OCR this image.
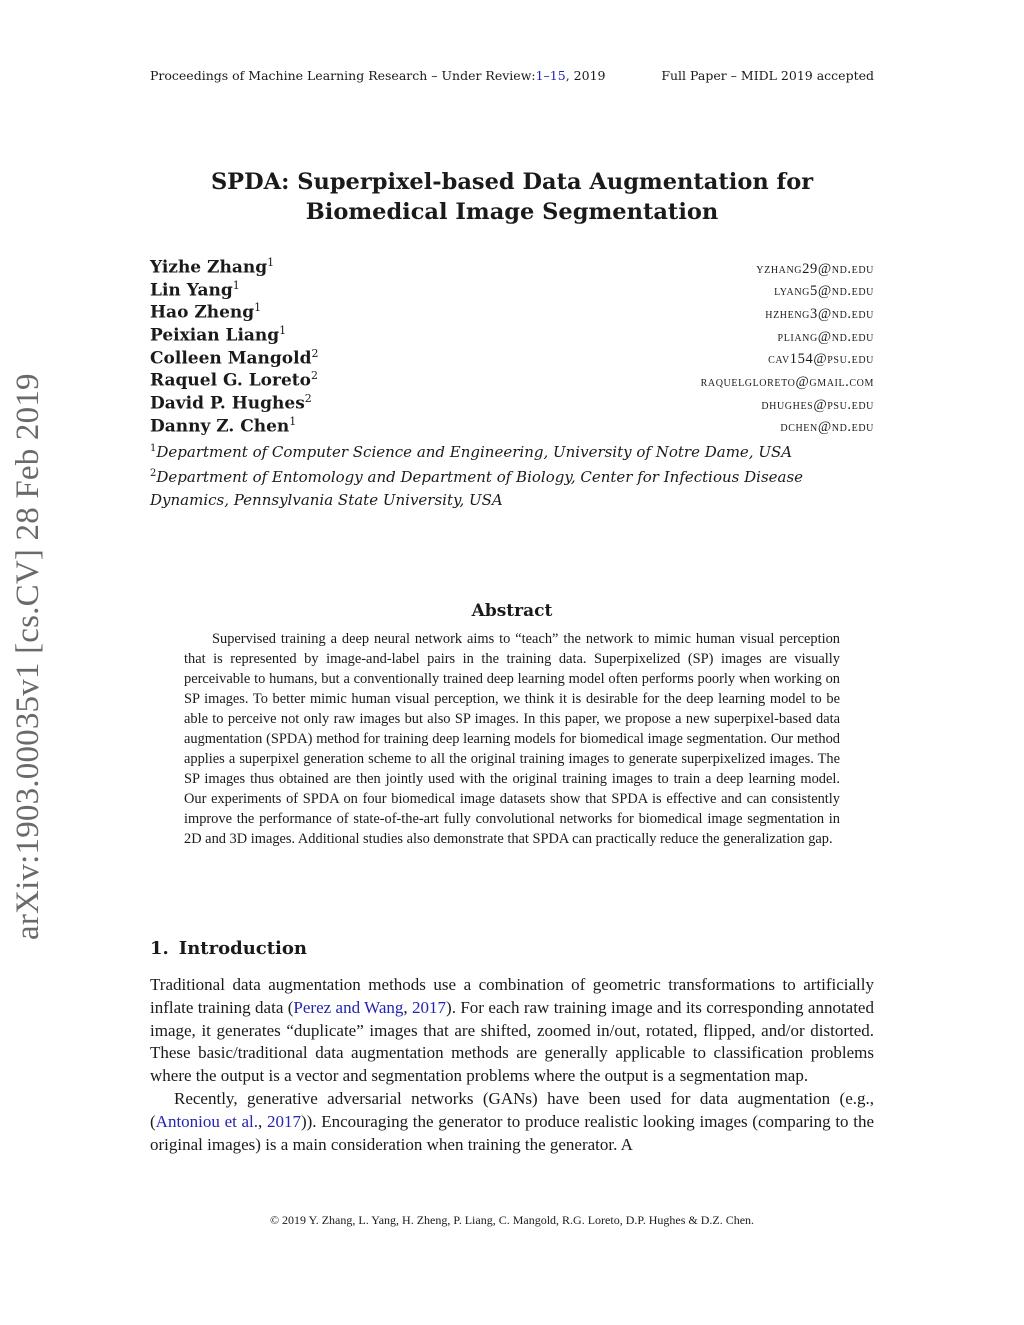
Proceedings of Machine Learning Research – Under Review:1–15, 2019	Full Paper – MIDL 2019 accepted
arXiv:1903.00035v1 [cs.CV] 28 Feb 2019
SPDA: Superpixel-based Data Augmentation for
Biomedical Image Segmentation
Yizhe Zhang$^1$	yzhang29@nd.edu
Lin Yang$^1$	lyang5@nd.edu
Hao Zheng$^1$	hzheng3@nd.edu
Peixian Liang$^1$	pliang@nd.edu
Colleen Mangold$^2$	cav154@psu.edu
Raquel G. Loreto$^2$	raquelgloreto@gmail.com
David P. Hughes$^2$	dhughes@psu.edu
Danny Z. Chen$^1$	dchen@nd.edu
$^1$Department of Computer Science and Engineering, University of Notre Dame, USA
$^2$Department of Entomology and Department of Biology, Center for Infectious Disease Dynamics, Pennsylvania State University, USA
Abstract

Supervised training a deep neural network aims to “teach” the network to mimic human visual perception that is represented by image-and-label pairs in the training data. Superpixelized (SP) images are visually perceivable to humans, but a conventionally trained deep learning model often performs poorly when working on SP images. To better mimic human visual perception, we think it is desirable for the deep learning model to be able to perceive not only raw images but also SP images. In this paper, we propose a new superpixel-based data augmentation (SPDA) method for training deep learning models for biomedical image segmentation. Our method applies a superpixel generation scheme to all the original training images to generate superpixelized images. The SP images thus obtained are then jointly used with the original training images to train a deep learning model. Our experiments of SPDA on four biomedical image datasets show that SPDA is effective and can consistently improve the performance of state-of-the-art fully convolutional networks for biomedical image segmentation in 2D and 3D images. Additional studies also demonstrate that SPDA can practically reduce the generalization gap.

1. Introduction

Traditional data augmentation methods use a combination of geometric transformations to artificially inflate training data (Perez and Wang, 2017). For each raw training image and its corresponding annotated image, it generates “duplicate” images that are shifted, zoomed in/out, rotated, flipped, and/or distorted. These basic/traditional data augmentation methods are generally applicable to classification problems where the output is a vector and segmentation problems where the output is a segmentation map.

Recently, generative adversarial networks (GANs) have been used for data augmentation (e.g., (Antoniou et al., 2017)). Encouraging the generator to produce realistic looking images (comparing to the original images) is a main consideration when training the generator. A

© 2019 Y. Zhang, L. Yang, H. Zheng, P. Liang, C. Mangold, R.G. Loreto, D.P. Hughes & D.Z. Chen.
